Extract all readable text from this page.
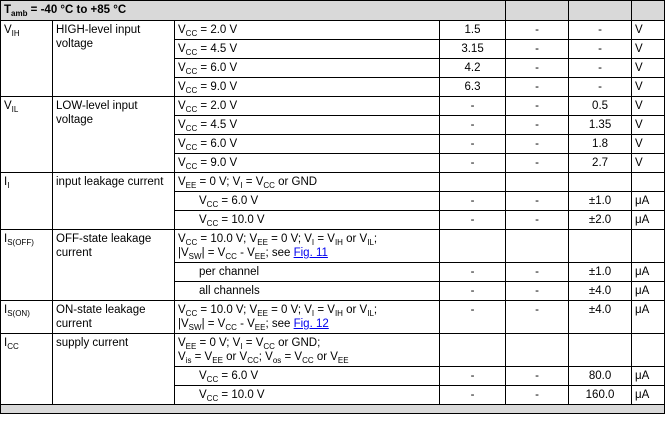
$T_{amb} = -40$ °C to +85 °C						
$V_{IH}$	HIGH-level input voltage	$V_{CC} = 2.0$ V	1.5	-	-	V
		$V_{CC} = 4.5$ V	3.15	-	-	V
		$V_{CC} = 6.0$ V	4.2	-	-	V
		$V_{CC} = 9.0$ V	6.3	-	-	V
$V_{IL}$	LOW-level input voltage	$V_{CC} = 2.0$ V	-	-	0.5	V
		$V_{CC} = 4.5$ V	-	-	1.35	V
		$V_{CC} = 6.0$ V	-	-	1.8	V
		$V_{CC} = 9.0$ V	-	-	2.7	V
$I_I$	input leakage current	$V_{EE} = 0$ V; $V_I = V_{CC}$ or GND				
		$V_{CC} = 6.0$ V	-	-	±1.0	μA
		$V_{CC} = 10.0$ V	-	-	±2.0	μA
$I_{S(OFF)}$	OFF-state leakage current	$V_{CC} = 10.0$ V; $V_{EE} = 0$ V; $V_I = V_{IH}$ or $V_{IL}$;
$|V_{SW}| = V_{CC} - V_{EE}$; see Fig. 11				
		per channel	-	-	±1.0	μA
		all channels	-	-	±4.0	μA
$I_{S(ON)}$	ON-state leakage current	$V_{CC} = 10.0$ V; $V_{EE} = 0$ V; $V_I = V_{IH}$ or $V_{IL}$;
$|V_{SW}| = V_{CC} - V_{EE}$; see Fig. 12	-	-	±4.0	μA
$I_{CC}$	supply current	$V_{EE} = 0$ V; $V_I = V_{CC}$ or GND;
$V_{is} = V_{EE}$ or $V_{CC}$; $V_{os} = V_{CC}$ or $V_{EE}$				
		$V_{CC} = 6.0$ V	-	-	80.0	μA
		$V_{CC} = 10.0$ V	-	-	160.0	μA
